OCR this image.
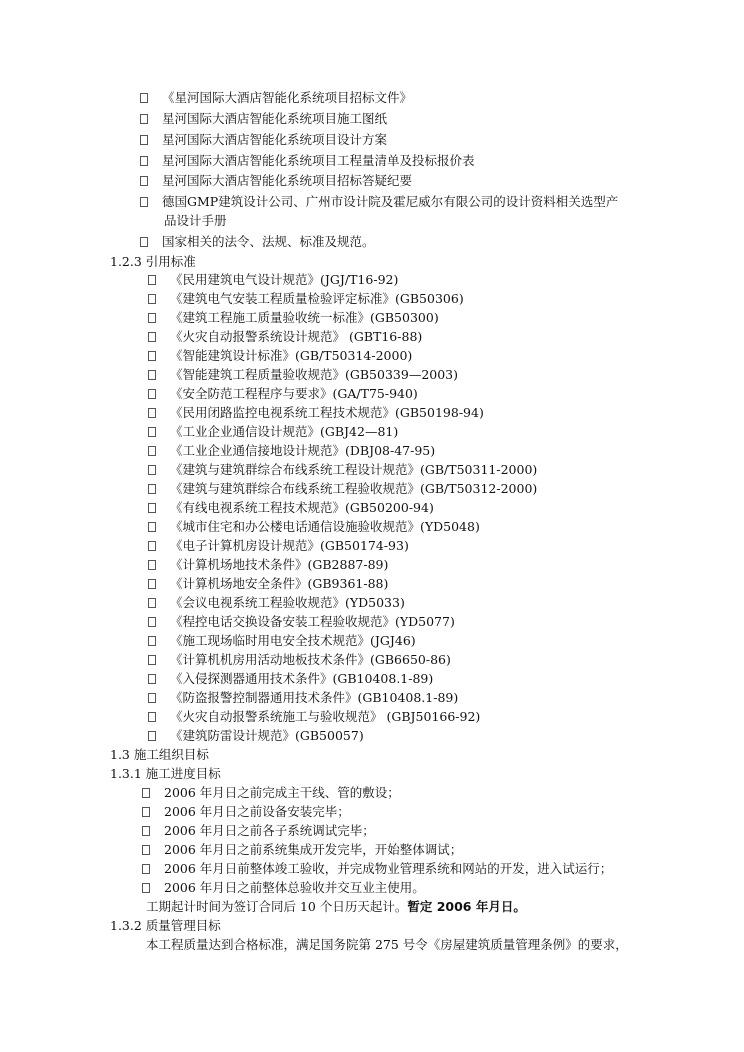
《星河国际大酒店智能化系统项目招标文件》
星河国际大酒店智能化系统项目施工图纸
星河国际大酒店智能化系统项目设计方案
星河国际大酒店智能化系统项目工程量清单及投标报价表
星河国际大酒店智能化系统项目招标答疑纪要
德国GMP建筑设计公司、广州市设计院及霍尼威尔有限公司的设计资料相关选型产
品设计手册
国家相关的法令、法规、标准及规范。
1.2.3 引用标准
《民用建筑电气设计规范》(JGJ/T16-92)
《建筑电气安装工程质量检验评定标准》(GB50306)
《建筑工程施工质量验收统一标准》(GB50300)
《火灾自动报警系统设计规范》 (GBT16-88)
《智能建筑设计标准》(GB/T50314-2000)
《智能建筑工程质量验收规范》(GB50339—2003)
《安全防范工程程序与要求》(GA/T75-940)
《民用闭路监控电视系统工程技术规范》(GB50198-94)
《工业企业通信设计规范》(GBJ42—81)
《工业企业通信接地设计规范》(DBJ08-47-95)
《建筑与建筑群综合布线系统工程设计规范》(GB/T50311-2000)
《建筑与建筑群综合布线系统工程验收规范》(GB/T50312-2000)
《有线电视系统工程技术规范》(GB50200-94)
《城市住宅和办公楼电话通信设施验收规范》(YD5048)
《电子计算机房设计规范》(GB50174-93)
《计算机场地技术条件》(GB2887-89)
《计算机场地安全条件》(GB9361-88)
《会议电视系统工程验收规范》(YD5033)
《程控电话交换设备安装工程验收规范》(YD5077)
《施工现场临时用电安全技术规范》(JGJ46)
《计算机机房用活动地板技术条件》(GB6650-86)
《入侵探测器通用技术条件》(GB10408.1-89)
《防盗报警控制器通用技术条件》(GB10408.1-89)
《火灾自动报警系统施工与验收规范》 (GBJ50166-92)
《建筑防雷设计规范》(GB50057)
1.3 施工组织目标
1.3.1 施工进度目标
2006 年月日之前完成主干线、管的敷设；
2006 年月日之前设备安装完毕；
2006 年月日之前各子系统调试完毕；
2006 年月日之前系统集成开发完毕，开始整体调试；
2006 年月日前整体竣工验收，并完成物业管理系统和网站的开发，进入试运行；
2006 年月日之前整体总验收并交互业主使用。
工期起计时间为签订合同后 10 个日历天起计。暂定 2006 年月日。
1.3.2 质量管理目标
本工程质量达到合格标准，满足国务院第 275 号令《房屋建筑质量管理条例》的要求，
